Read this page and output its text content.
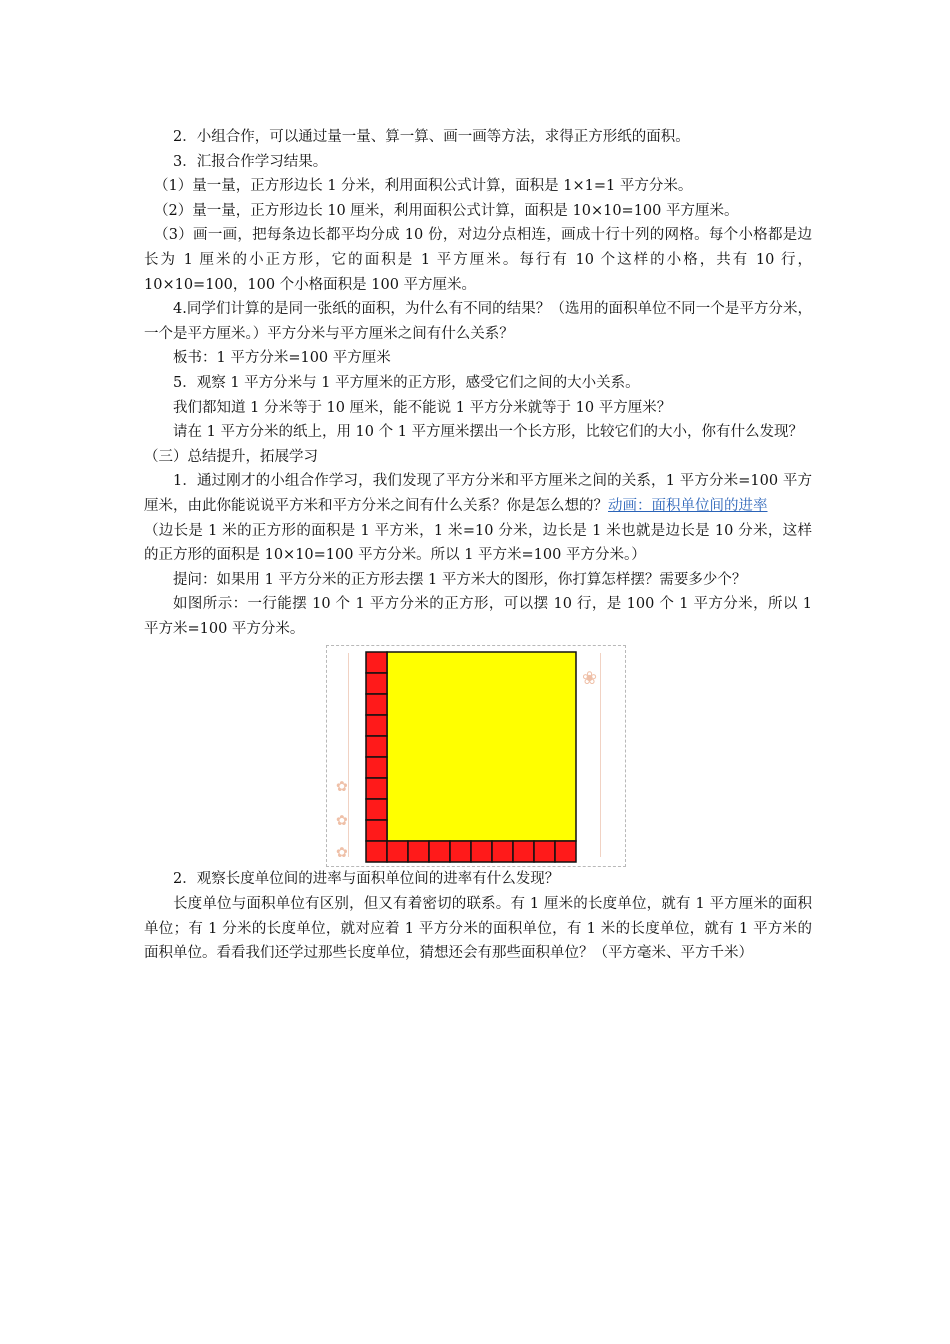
2．小组合作，可以通过量一量、算一算、画一画等方法，求得正方形纸的面积。

3．汇报合作学习结果。

（1）量一量，正方形边长 1 分米，利用面积公式计算，面积是 1×1=1 平方分米。

（2）量一量，正方形边长 10 厘米，利用面积公式计算，面积是 10×10=100 平方厘米。

（3）画一画，把每条边长都平均分成 10 份，对边分点相连，画成十行十列的网格。每个小格都是边长为 1 厘米的小正方形，它的面积是 1 平方厘米。每行有 10 个这样的小格，共有 10 行，10×10=100，100 个小格面积是 100 平方厘米。

4.同学们计算的是同一张纸的面积，为什么有不同的结果？（选用的面积单位不同一个是平方分米，一个是平方厘米。）平方分米与平方厘米之间有什么关系？

板书：1 平方分米=100 平方厘米

5．观察 1 平方分米与 1 平方厘米的正方形，感受它们之间的大小关系。

我们都知道 1 分米等于 10 厘米，能不能说 1 平方分米就等于 10 平方厘米？

请在 1 平方分米的纸上，用 10 个 1 平方厘米摆出一个长方形，比较它们的大小，你有什么发现？

（三）总结提升，拓展学习

1．通过刚才的小组合作学习，我们发现了平方分米和平方厘米之间的关系，1 平方分米=100 平方厘米，由此你能说说平方米和平方分米之间有什么关系？你是怎么想的？动画：面积单位间的进率

（边长是 1 米的正方形的面积是 1 平方米，1 米=10 分米，边长是 1 米也就是边长是 10 分米，这样的正方形的面积是 10×10=100 平方分米。所以 1 平方米=100 平方分米。）

提问：如果用 1 平方分米的正方形去摆 1 平方米大的图形，你打算怎样摆？需要多少个？

如图所示：一行能摆 10 个 1 平方分米的正方形，可以摆 10 行，是 100 个 1 平方分米，所以 1 平方米=100 平方分米。

✿
✿
✿
❀

2．观察长度单位间的进率与面积单位间的进率有什么发现？

长度单位与面积单位有区别，但又有着密切的联系。有 1 厘米的长度单位，就有 1 平方厘米的面积单位；有 1 分米的长度单位，就对应着 1 平方分米的面积单位，有 1 米的长度单位，就有 1 平方米的面积单位。看看我们还学过那些长度单位，猜想还会有那些面积单位？（平方毫米、平方千米）
